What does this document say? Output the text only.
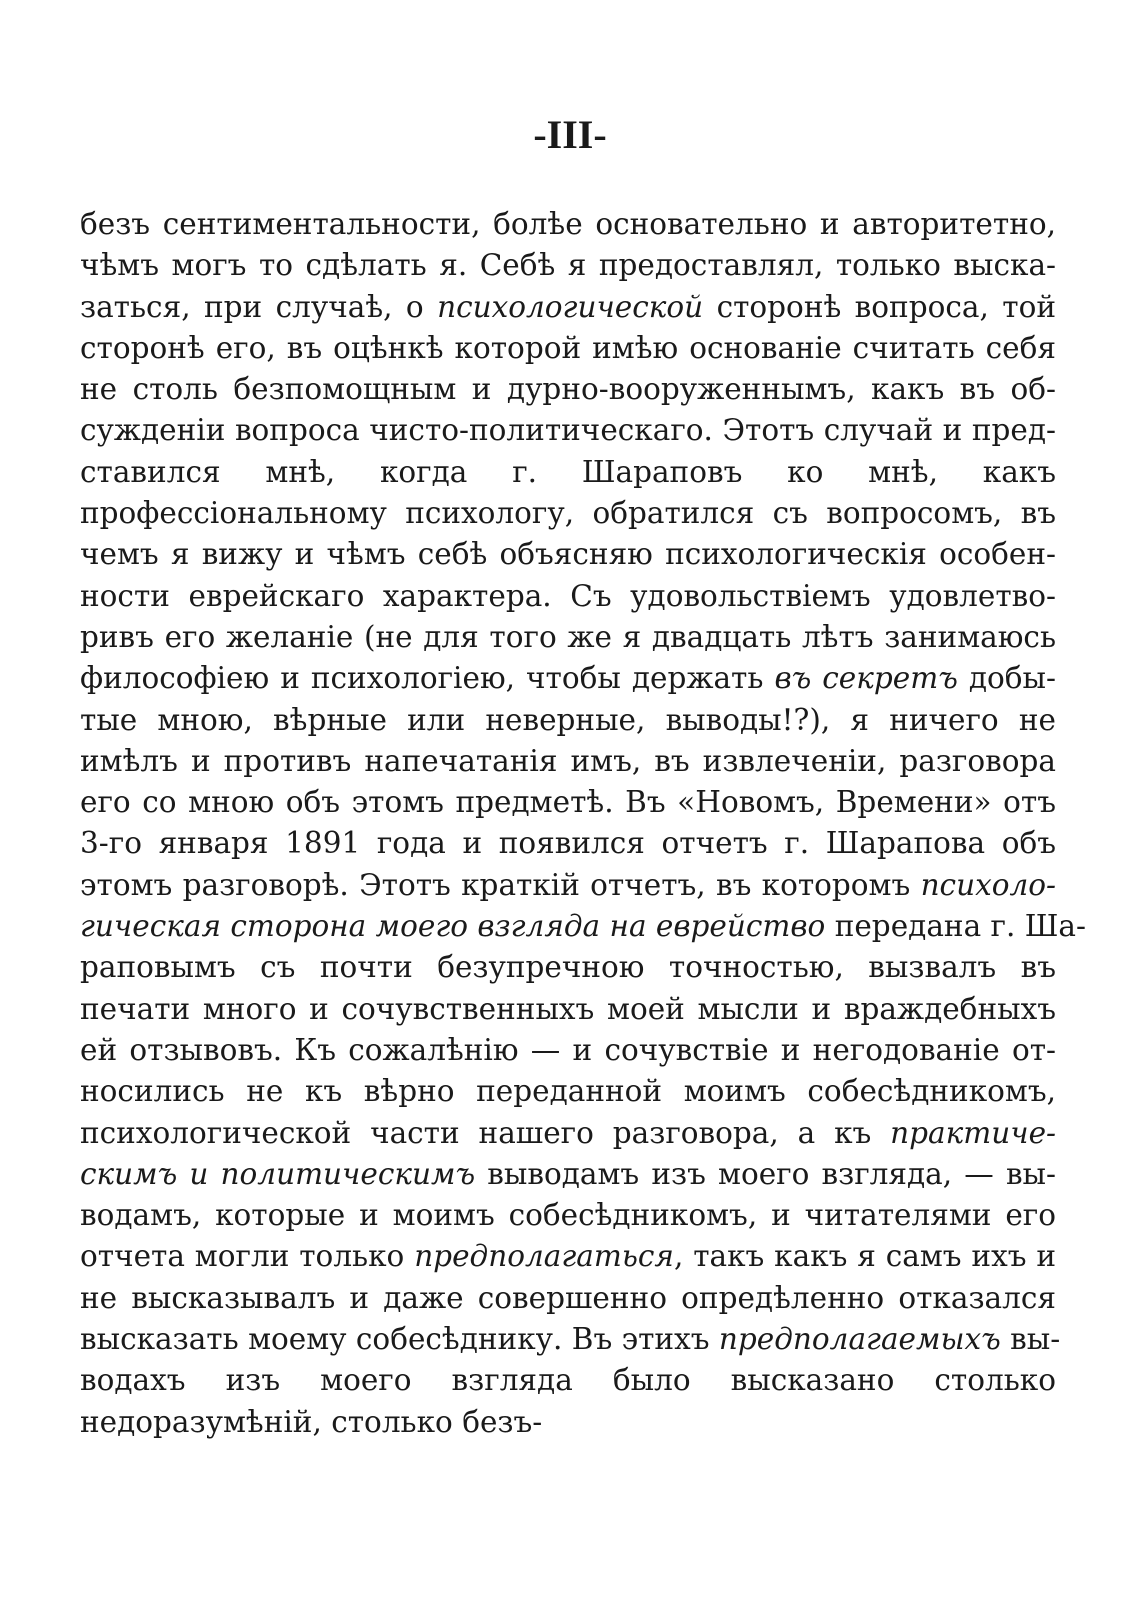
-III-
безъ сентиментальности, болѣе основательно и авторитетно,
чѣмъ могъ то сдѣлать я. Себѣ я предоставлял, только выска-
заться, при случаѣ, о психологической сторонѣ вопроса, той
сторонѣ его, въ оцѣнкѣ которой имѣю основаніе считать себя
не столь безпомощным и дурно-вооруженнымъ, какъ въ об-
сужденіи вопроса чисто-политическаго. Этотъ случай и пред-
ставился мнѣ, когда г. Шараповъ ко мнѣ, какъ
профессіональному психологу, обратился съ вопросомъ, въ
чемъ я вижу и чѣмъ себѣ объясняю психологическія особен-
ности еврейскаго характера. Съ удовольствіемъ удовлетво-
ривъ его желаніе (не для того же я двадцать лѣтъ занимаюсь
философіею и психологіею, чтобы держать въ секретъ добы-
тые мною, вѣрные или неверные, выводы!?), я ничего не
имѣлъ и противъ напечатанія имъ, въ извлеченіи, разговора
его со мною объ этомъ предметѣ. Въ «Новомъ, Времени» отъ
3-го января 1891 года и появился отчетъ г. Шарапова объ
этомъ разговорѣ. Этотъ краткій отчетъ, въ которомъ психоло-
гическая сторона моего взгляда на еврейство передана г. Ша-
раповымъ съ почти безупречною точностью, вызвалъ въ
печати много и сочувственныхъ моей мысли и враждебныхъ
ей отзывовъ. Къ сожалѣнію — и сочувствіе и негодованіе от-
носились не къ вѣрно переданной моимъ собесѣдникомъ,
психологической части нашего разговора, а къ практиче-
скимъ и политическимъ выводамъ изъ моего взгляда, — вы-
водамъ, которые и моимъ собесѣдникомъ, и читателями его
отчета могли только предполагаться, такъ какъ я самъ ихъ и
не высказывалъ и даже совершенно опредѣленно отказался
высказать моему собесѣднику. Въ этихъ предполагаемыхъ вы-
водахъ изъ моего взгляда было высказано столько
недоразумѣній, столько безъ-
